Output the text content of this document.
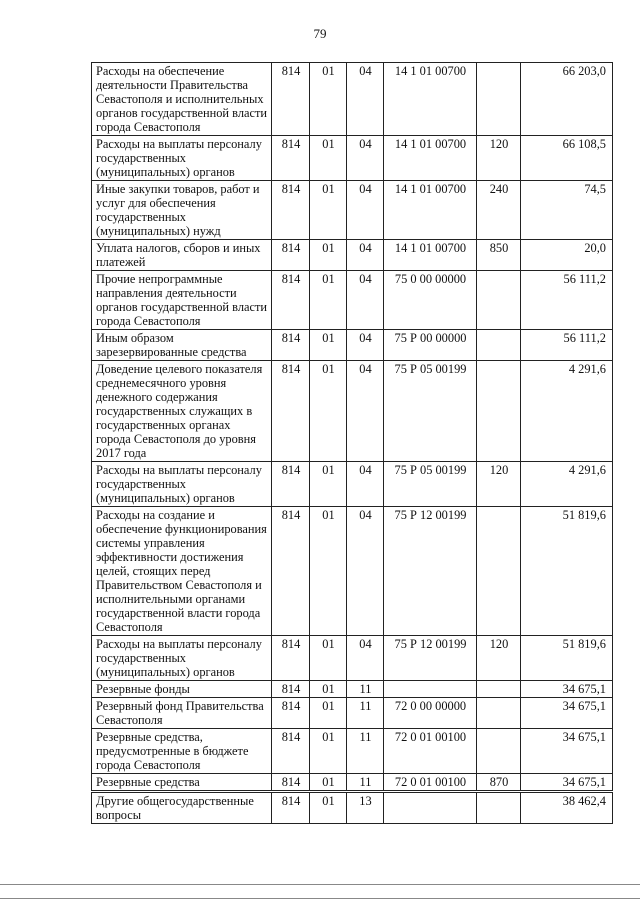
79
Расходы на обеспечение деятельности Правительства Севастополя и исполнительных органов государственной власти города Севастополя	814	01	04	14 1 01 00700		66 203,0
Расходы на выплаты персоналу государственных (муниципальных) органов	814	01	04	14 1 01 00700	120	66 108,5
Иные закупки товаров, работ и услуг для обеспечения государственных (муниципальных) нужд	814	01	04	14 1 01 00700	240	74,5
Уплата налогов, сборов и иных платежей	814	01	04	14 1 01 00700	850	20,0
Прочие непрограммные направления деятельности органов государственной власти города Севастополя	814	01	04	75 0 00 00000		56 111,2
Иным образом зарезервированные средства	814	01	04	75 Р 00 00000		56 111,2
Доведение целевого показателя среднемесячного уровня денежного содержания государственных служащих в государственных органах города Севастополя до уровня 2017 года	814	01	04	75 Р 05 00199		4 291,6
Расходы на выплаты персоналу государственных (муниципальных) органов	814	01	04	75 Р 05 00199	120	4 291,6
Расходы на создание и обеспечение функционирования системы управления эффективности достижения целей, стоящих перед Правительством Севастополя и исполнительными органами государственной власти города Севастополя	814	01	04	75 Р 12 00199		51 819,6
Расходы на выплаты персоналу государственных (муниципальных) органов	814	01	04	75 Р 12 00199	120	51 819,6
Резервные фонды	814	01	11			34 675,1
Резервный фонд Правительства Севастополя	814	01	11	72 0 00 00000		34 675,1
Резервные средства, предусмотренные в бюджете города Севастополя	814	01	11	72 0 01 00100		34 675,1
Резервные средства	814	01	11	72 0 01 00100	870	34 675,1
Другие общегосударственные вопросы	814	01	13			38 462,4
